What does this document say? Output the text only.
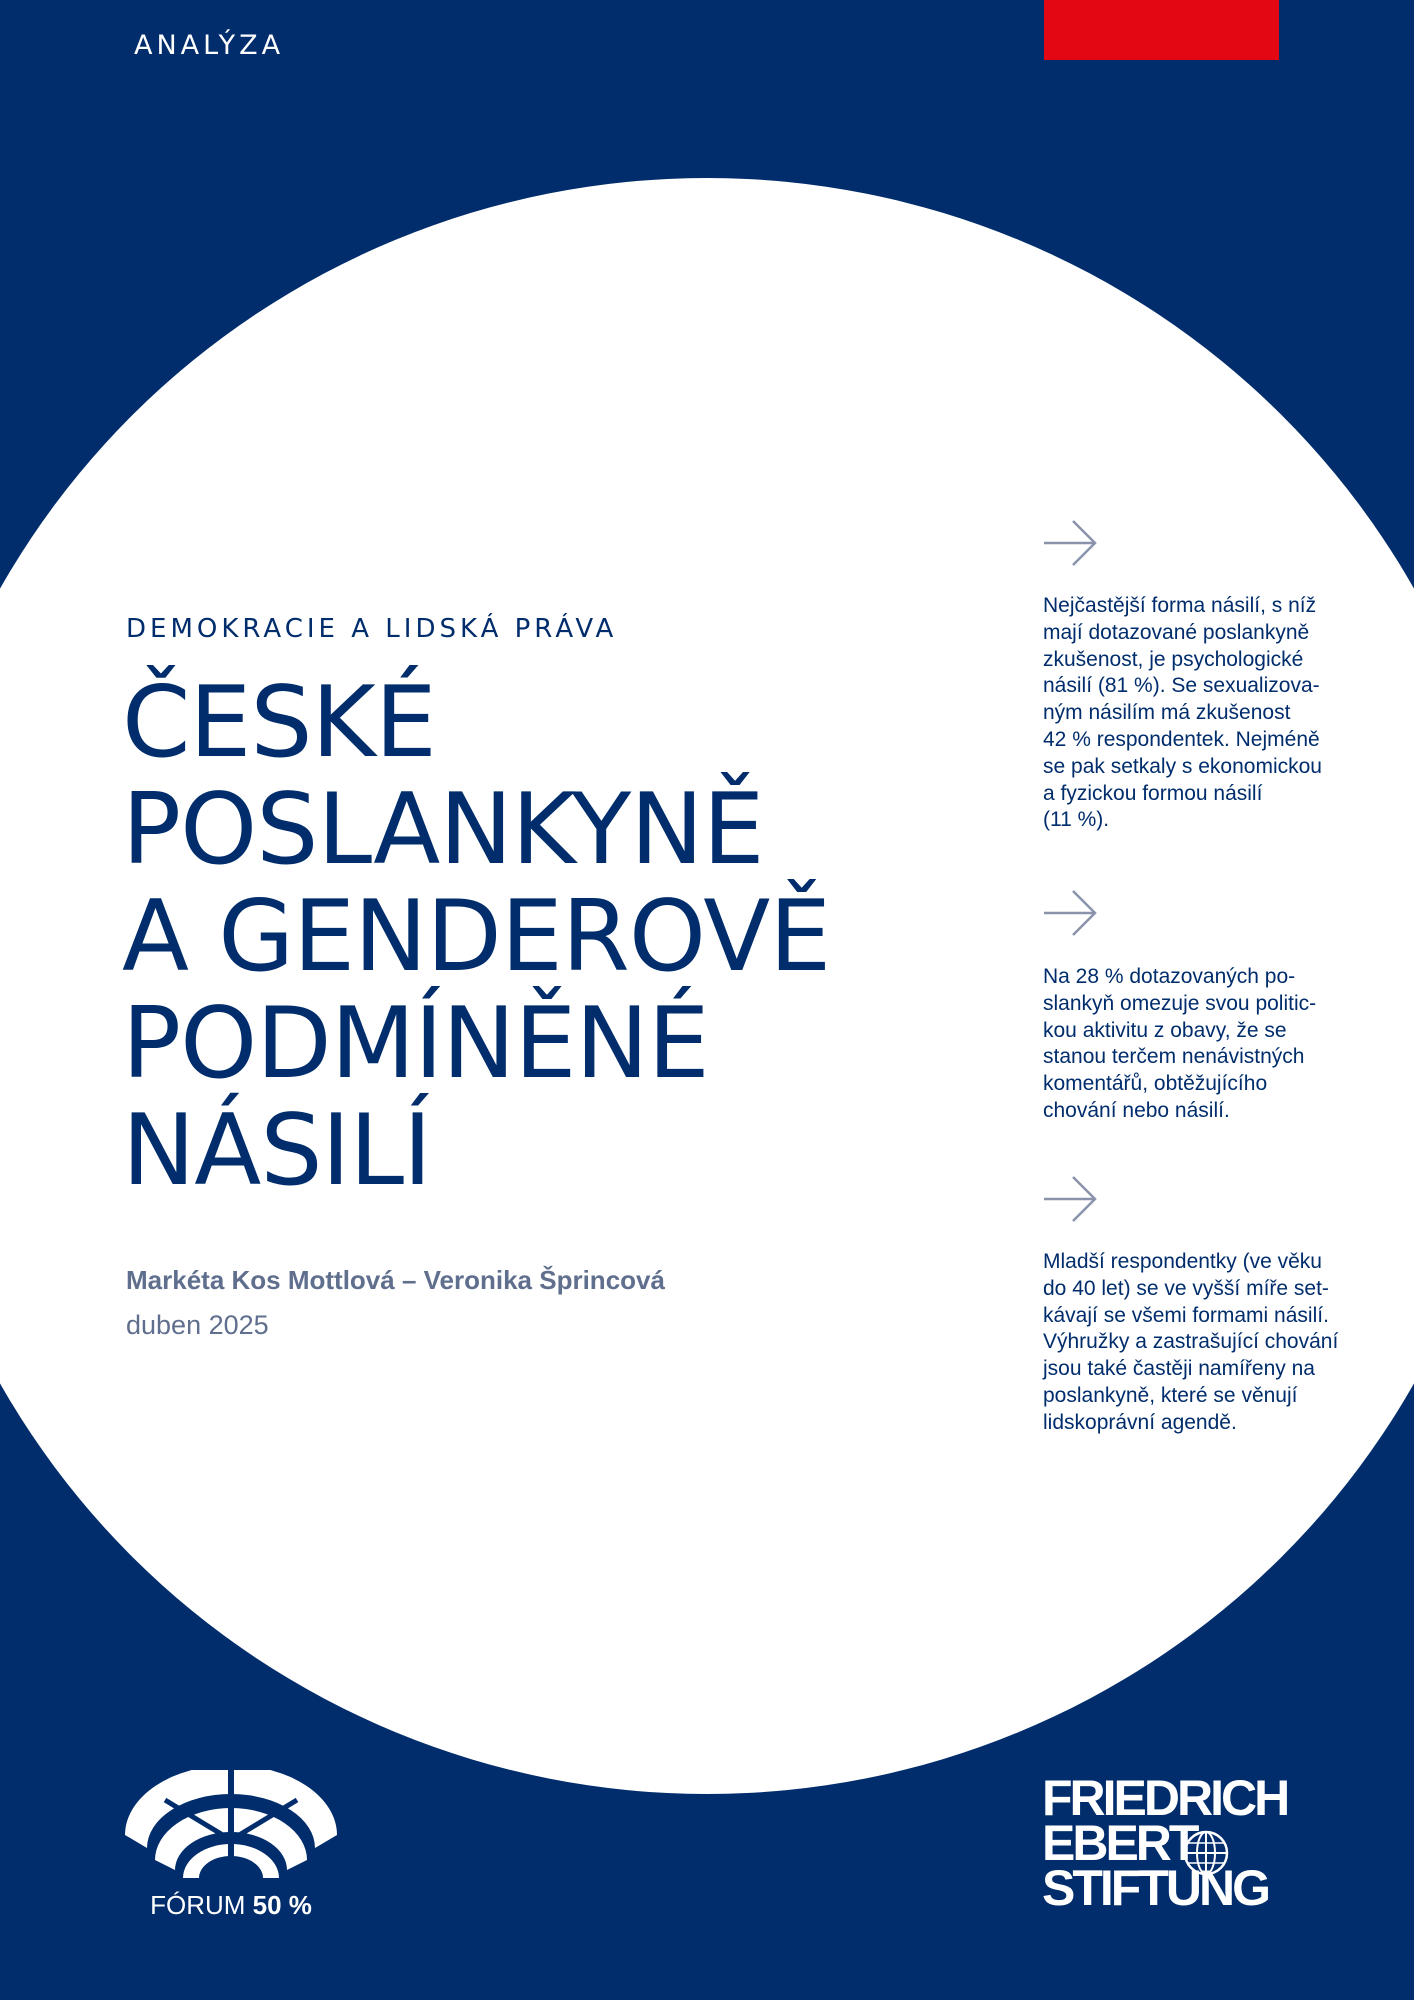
ANALÝZA
DEMOKRACIE A LIDSKÁ PRÁVA
ČESKÉ
POSLANKYNĚ
A GENDEROVĚ
PODMÍNĚNÉ
NÁSILÍ
Markéta Kos Mottlová – Veronika Šprincová
duben 2025
Nejčastější forma násilí, s níž
mají dotazované poslankyně
zkušenost, je psychologické
násilí (81 %). Se sexualizova-
ným násilím má zkušenost
42 % respondentek. Nejméně
se pak setkaly s ekonomickou
a fyzickou formou násilí
(11 %).
Na 28 % dotazovaných po-
slankyň omezuje svou politic-
kou aktivitu z obavy, že se
stanou terčem nenávistných
komentářů, obtěžujícího
chování nebo násilí.
Mladší respondentky (ve věku
do 40 let) se ve vyšší míře set-
kávají se všemi formami násilí.
Výhružky a zastrašující chování
jsou také častěji namířeny na
poslankyně, které se věnují
lidskoprávní agendě.
FÓRUM 50 %
FRIEDRICH
EBERT
STIFTUNG
